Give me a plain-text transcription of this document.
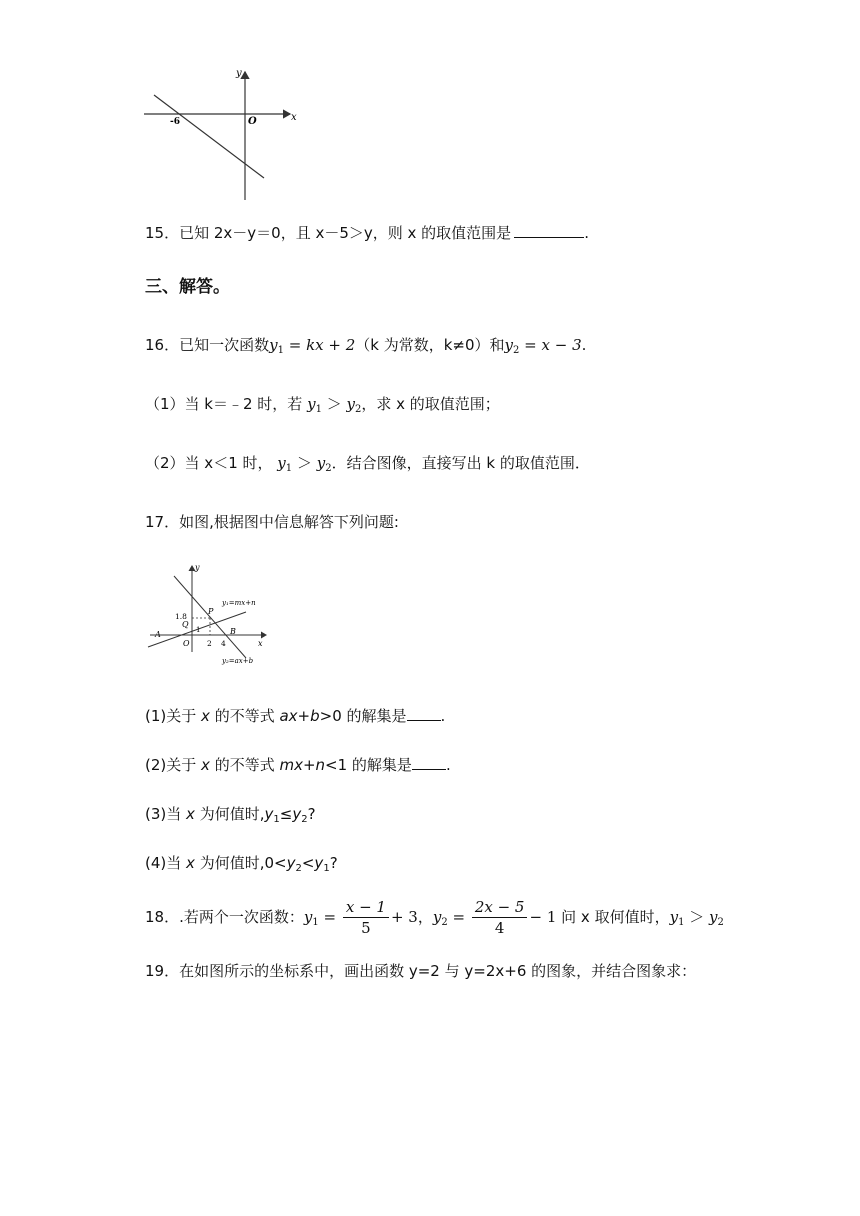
y
x
O
-6
15．已知 2x－y＝0，且 x－5＞y，则 x 的取值范围是	.
三、解答。
16．已知一次函数$y_1$ = kx + 2（k 为常数，k≠0）和$y_2 = x - 3$.
（1）当 k＝﹣2 时，若 $y_1 > y_2$，求 x 的取值范围；
（2）当 x＜1 时， $y_1 > y_2$．结合图像，直接写出 k 的取值范围．
17．如图,根据图中信息解答下列问题:
y
x
O
1.8
Q
P
A	B
1
2 4
y₁=mx+n
y₂=ax+b
(1)关于 x 的不等式 ax+b>0 的解集是 .
(2)关于 x 的不等式 mx+n<1 的解集是 .
(3)当 x 为何值时$,y_1\le y_2$?
(4)当 x 为何值时$,0<y_2<y_1$?
18．.若两个一次函数：$y_1 = \frac{x - 1}{5} + 3$，$y_2 = \frac{2x - 5}{4} - 1$ 问 x 取何值时，$y_1 > y_2$
19．在如图所示的坐标系中，画出函数 y=2 与 y=2x+6 的图象，并结合图象求：
